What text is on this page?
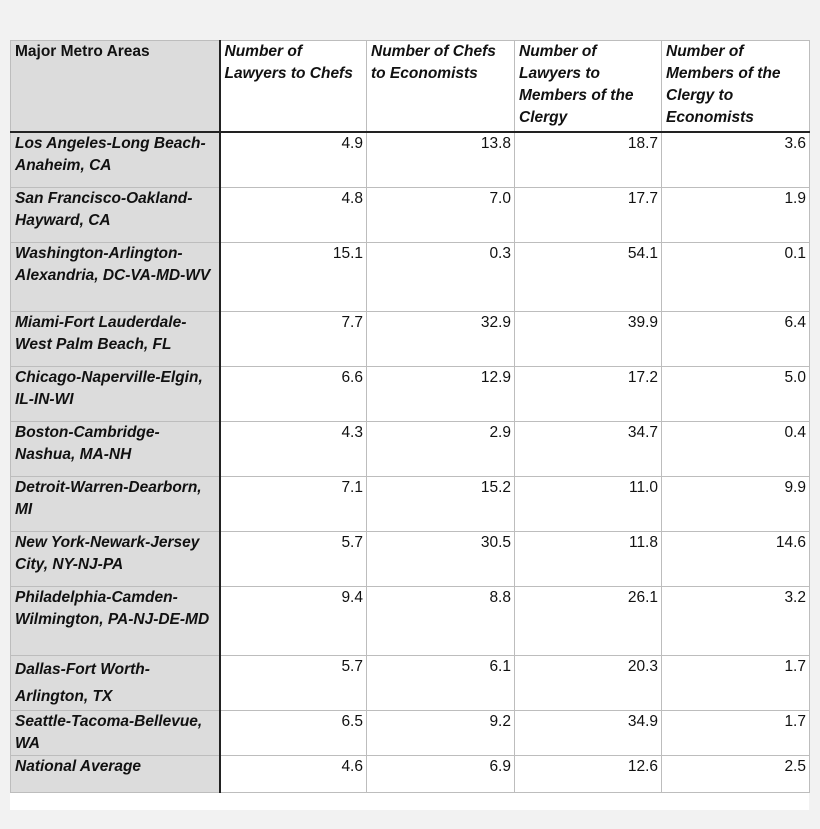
Major Metro Areas	Number of Lawyers to Chefs	Number of Chefs to Economists	Number of Lawyers to Members of the Clergy	Number of Members of the Clergy to Economists
Los Angeles-Long Beach-Anaheim, CA	4.9	13.8	18.7	3.6
San Francisco-Oakland-Hayward, CA	4.8	7.0	17.7	1.9
Washington-Arlington-Alexandria, DC-VA-MD-WV	15.1	0.3	54.1	0.1
Miami-Fort Lauderdale-West Palm Beach, FL	7.7	32.9	39.9	6.4
Chicago-Naperville-Elgin, IL-IN-WI	6.6	12.9	17.2	5.0
Boston-Cambridge-Nashua, MA-NH	4.3	2.9	34.7	0.4
Detroit-Warren-Dearborn, MI	7.1	15.2	11.0	9.9
New York-Newark-Jersey City, NY-NJ-PA	5.7	30.5	11.8	14.6
Philadelphia-Camden-Wilmington, PA-NJ-DE-MD	9.4	8.8	26.1	3.2
Dallas-Fort Worth-Arlington, TX	5.7	6.1	20.3	1.7
Seattle-Tacoma-Bellevue, WA	6.5	9.2	34.9	1.7
National Average	4.6	6.9	12.6	2.5
